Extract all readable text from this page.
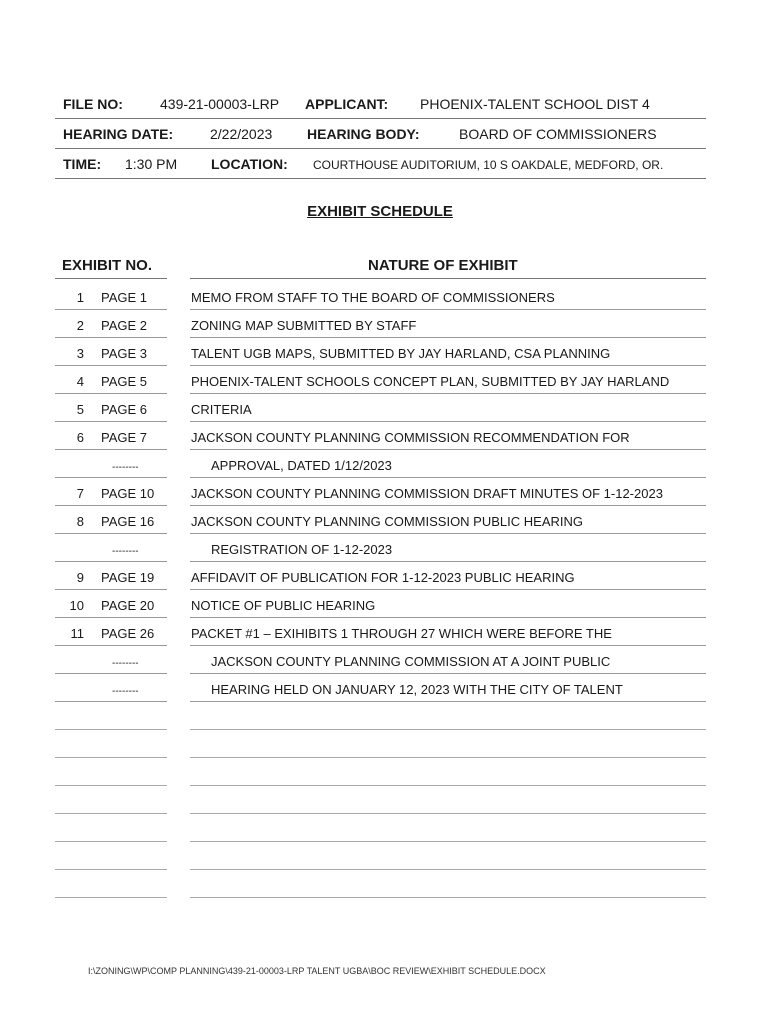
FILE NO:	439-21-00003-LRP APPLICANT: PHOENIX-TALENT SCHOOL DIST 4
HEARING DATE:	2/22/2023 HEARING BODY:	BOARD OF COMMISSIONERS
TIME: 1:30 PM LOCATION: COURTHOUSE AUDITORIUM, 10 S OAKDALE, MEDFORD, OR.
EXHIBIT SCHEDULE
EXHIBIT NO.	NATURE OF EXHIBIT
1 PAGE 1	MEMO FROM STAFF TO THE BOARD OF COMMISSIONERS
2 PAGE 2	ZONING MAP SUBMITTED BY STAFF
3 PAGE 3	TALENT UGB MAPS, SUBMITTED BY JAY HARLAND, CSA PLANNING
4 PAGE 5	PHOENIX-TALENT SCHOOLS CONCEPT PLAN, SUBMITTED BY JAY HARLAND
5 PAGE 6	CRITERIA
6 PAGE 7	JACKSON COUNTY PLANNING COMMISSION RECOMMENDATION FOR
--------	APPROVAL, DATED 1/12/2023
7 PAGE 10	JACKSON COUNTY PLANNING COMMISSION DRAFT MINUTES OF 1-12-2023
8 PAGE 16	JACKSON COUNTY PLANNING COMMISSION PUBLIC HEARING
--------	REGISTRATION OF 1-12-2023
9 PAGE 19	AFFIDAVIT OF PUBLICATION FOR 1-12-2023 PUBLIC HEARING
10 PAGE 20	NOTICE OF PUBLIC HEARING
11 PAGE 26	PACKET #1 – EXIHIBITS 1 THROUGH 27 WHICH WERE BEFORE THE
--------	JACKSON COUNTY PLANNING COMMISSION AT A JOINT PUBLIC
--------	HEARING HELD ON JANUARY 12, 2023 WITH THE CITY OF TALENT
I:\ZONING\WP\COMP PLANNING\439-21-00003-LRP TALENT UGBA\BOC REVIEW\EXHIBIT SCHEDULE.DOCX
